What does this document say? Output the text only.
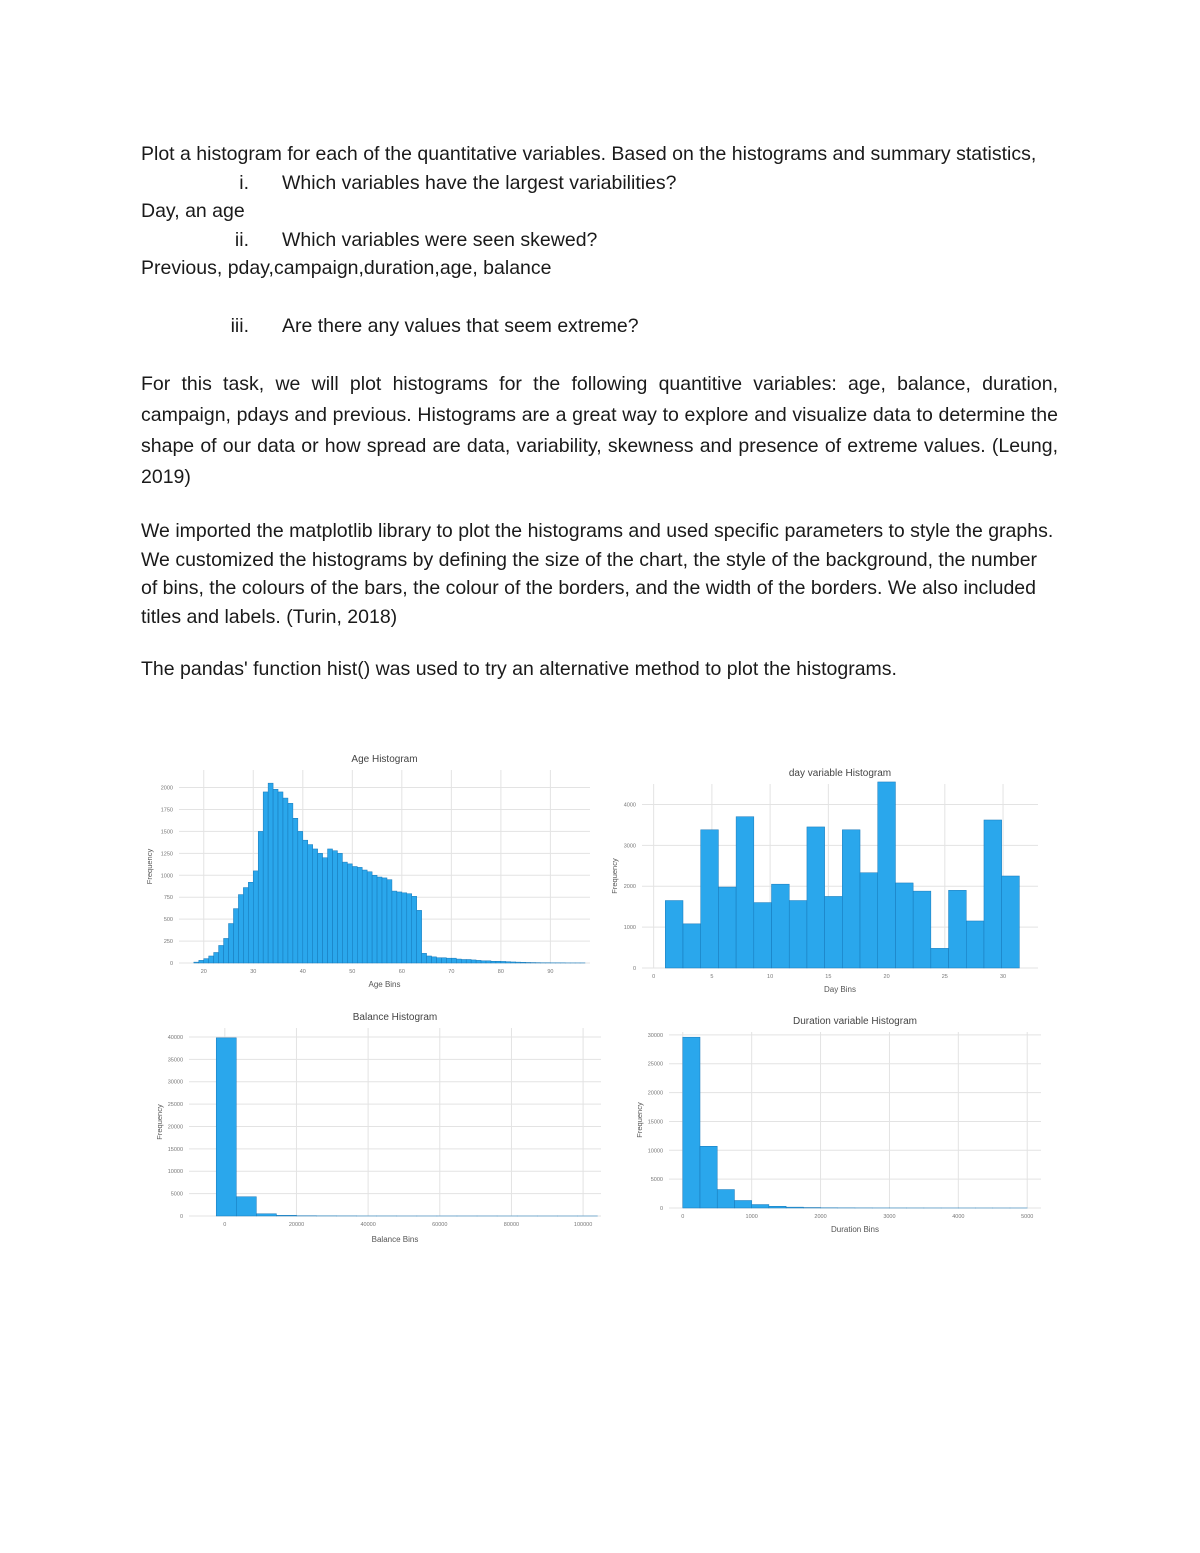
Plot a histogram for each of the quantitative variables. Based on the histograms and summary statistics,

i. Which variables have the largest variabilities?

Day, an age

ii. Which variables were seen skewed?

Previous, pday,campaign,duration,age, balance

iii. Are there any values that seem extreme?

For this task, we will plot histograms for the following quantitive variables: age, balance, duration, campaign, pdays and previous. Histograms are a great way to explore and visualize data to determine the shape of our data or how spread are data, variability, skewness and presence of extreme values. (Leung, 2019)

We imported the matplotlib library to plot the histograms and used specific parameters to style the graphs. We customized the histograms by defining the size of the chart, the style of the background, the number of bins, the colours of the bars, the colour of the borders, and the width of the borders. We also included titles and labels. (Turin, 2018)

The pandas' function hist() was used to try an alternative method to plot the histograms.

20	30	40	50	60	70	80	90
0
250
500
750
1000
1250
1500
1750
2000
Age Histogram
Age Bins
Frequency
0	5	10	15	20	25	30
0
1000
2000
3000
4000
day variable Histogram
Day Bins
Frequency
0	20000	40000	60000	80000	100000
0
5000
10000
15000
20000
25000
30000
35000
40000
Balance Histogram
Balance Bins
Frequency
0	1000	2000	3000	4000	5000
0
5000
10000
15000
20000
25000
30000
Duration variable Histogram
Duration Bins
Frequency
